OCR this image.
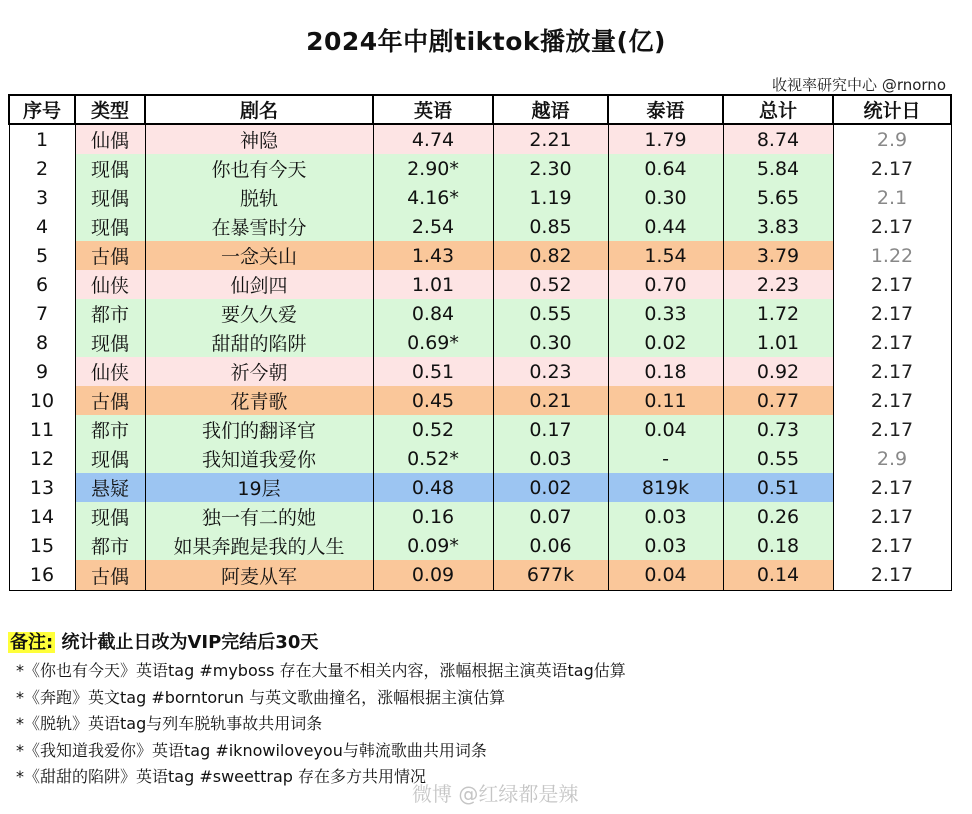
2024年中剧tiktok播放量(亿)
收视率研究中心 @rnorno
序号	类型	剧名	英语	越语	泰语	总计	统计日
1	仙偶	神隐	4.74	2.21	1.79	8.74	2.9
2	现偶	你也有今天	2.90*	2.30	0.64	5.84	2.17
3	现偶	脱轨	4.16*	1.19	0.30	5.65	2.1
4	现偶	在暴雪时分	2.54	0.85	0.44	3.83	2.17
5	古偶	一念关山	1.43	0.82	1.54	3.79	1.22
6	仙侠	仙剑四	1.01	0.52	0.70	2.23	2.17
7	都市	要久久爱	0.84	0.55	0.33	1.72	2.17
8	现偶	甜甜的陷阱	0.69*	0.30	0.02	1.01	2.17
9	仙侠	祈今朝	0.51	0.23	0.18	0.92	2.17
10	古偶	花青歌	0.45	0.21	0.11	0.77	2.17
11	都市	我们的翻译官	0.52	0.17	0.04	0.73	2.17
12	现偶	我知道我爱你	0.52*	0.03	-	0.55	2.9
13	悬疑	19层	0.48	0.02	819k	0.51	2.17
14	现偶	独一有二的她	0.16	0.07	0.03	0.26	2.17
15	都市	如果奔跑是我的人生	0.09*	0.06	0.03	0.18	2.17
16	古偶	阿麦从军	0.09	677k	0.04	0.14	2.17
备注: 统计截止日改为VIP完结后30天
*《你也有今天》英语tag #myboss 存在大量不相关内容，涨幅根据主演英语tag估算
*《奔跑》英文tag #borntorun 与英文歌曲撞名，涨幅根据主演估算
*《脱轨》英语tag与列车脱轨事故共用词条
*《我知道我爱你》英语tag #iknowiloveyou与韩流歌曲共用词条
*《甜甜的陷阱》英语tag #sweettrap 存在多方共用情况
微博 @红绿都是辣
